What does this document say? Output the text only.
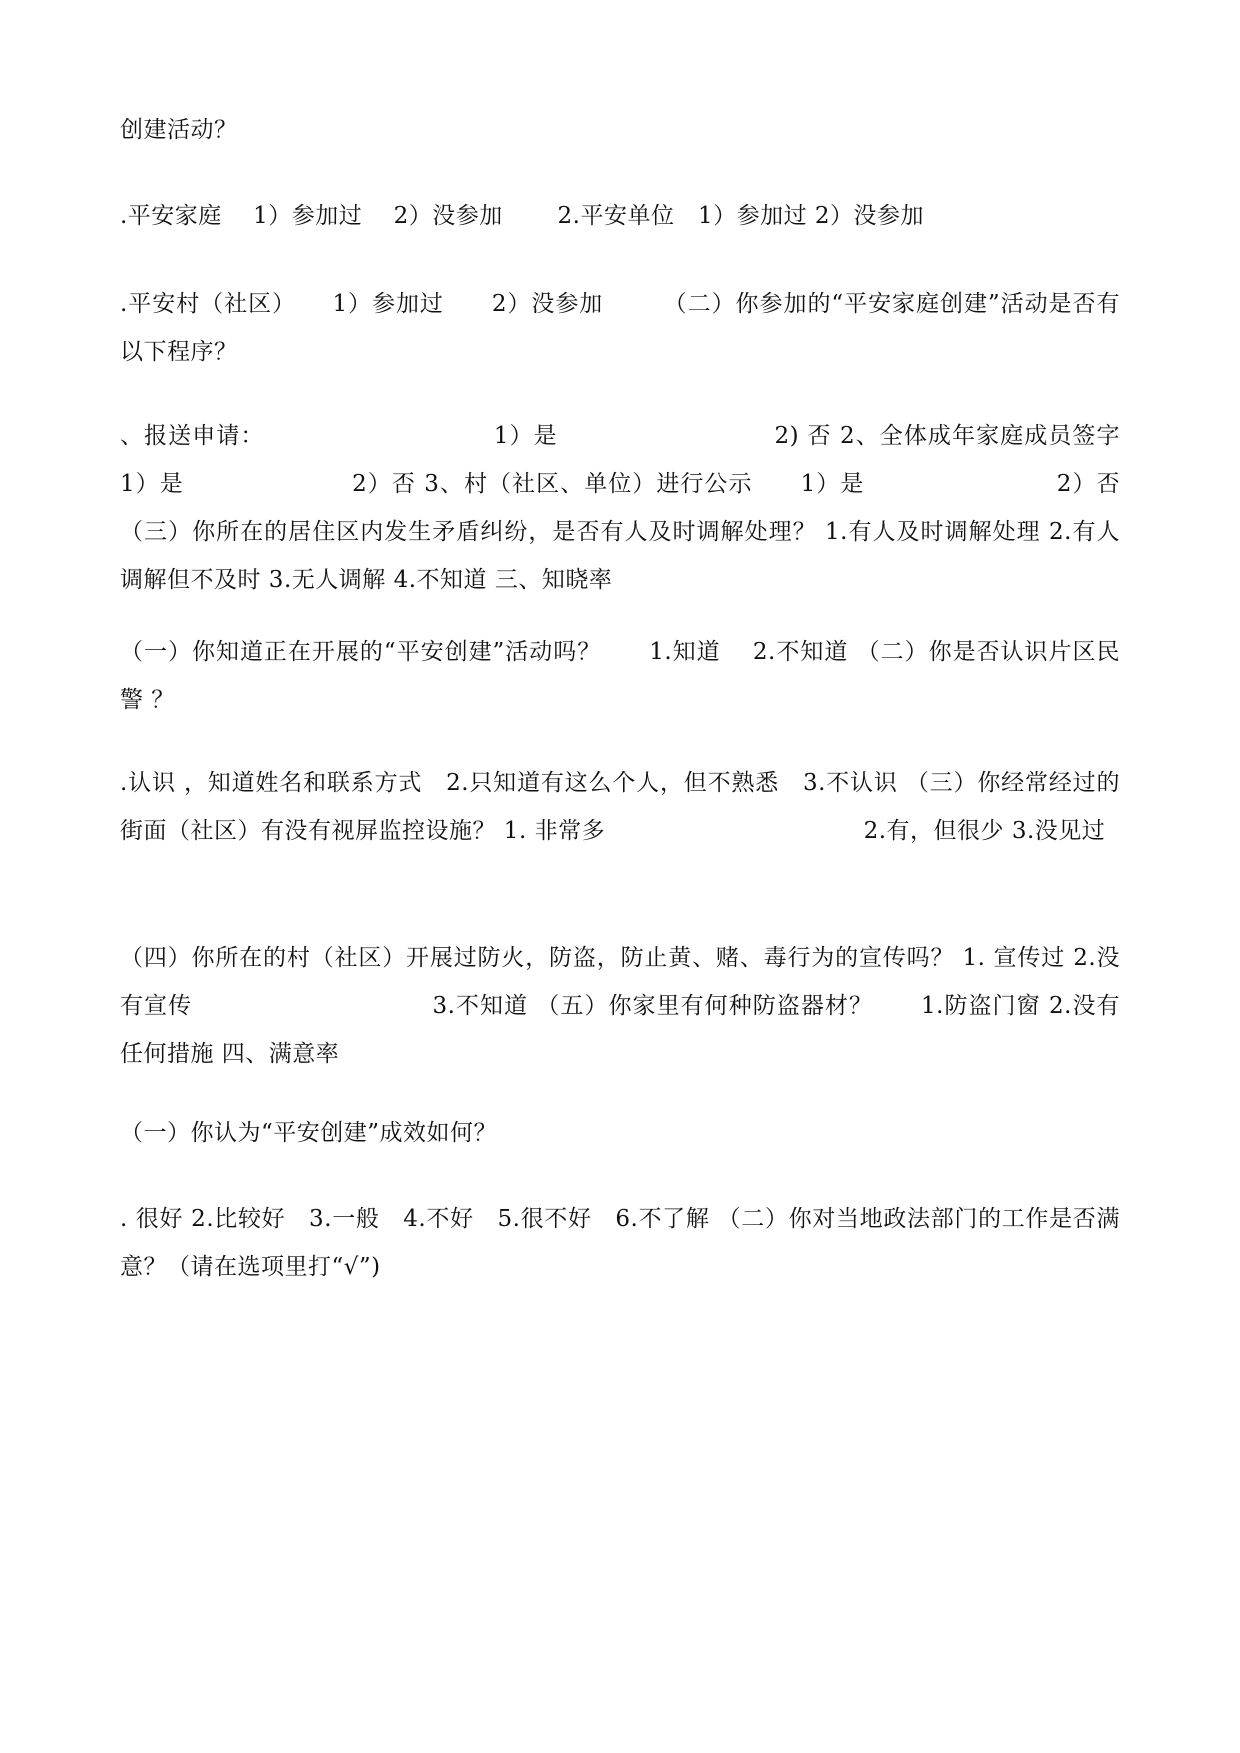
创建活动？

.平安家庭　 1）参加过　 2）没参加　　 2.平安单位　1）参加过 2）没参加

.平安村（社区）　　1）参加过　　2）没参加　　　（二）你参加的“平安家庭创建”活动是否有以下程序？

、报送申请：　　　　　　　　　　1）是　　　　　　　　　2) 否 2、全体成年家庭成员签字 1）是　　　　　　　2）否 3、村（社区、单位）进行公示　　1）是　　　　　　　　2）否 （三）你所在的居住区内发生矛盾纠纷，是否有人及时调解处理？ 1.有人及时调解处理 2.有人调解但不及时 3.无人调解 4.不知道 三、知晓率

（一）你知道正在开展的“平安创建”活动吗？　　1.知道　 2.不知道 （二）你是否认识片区民警 ？

.认识 ，知道姓名和联系方式　2.只知道有这么个人，但不熟悉　3.不认识 （三）你经常经过的街面（社区）有没有视屏监控设施？ 1. 非常多　　　　　　　　　　　2.有，但很少 3.没见过

（四）你所在的村（社区）开展过防火，防盗，防止黄、赌、毒行为的宣传吗？ 1. 宣传过 2.没有宣传　　　　　　　　　　3.不知道 （五）你家里有何种防盗器材？　　1.防盗门窗 2.没有任何措施 四、满意率

（一）你认为“平安创建”成效如何？

. 很好 2.比较好　3.一般　4.不好　5.很不好　6.不了解 （二）你对当地政法部门的工作是否满意？（请在选项里打“√”)
